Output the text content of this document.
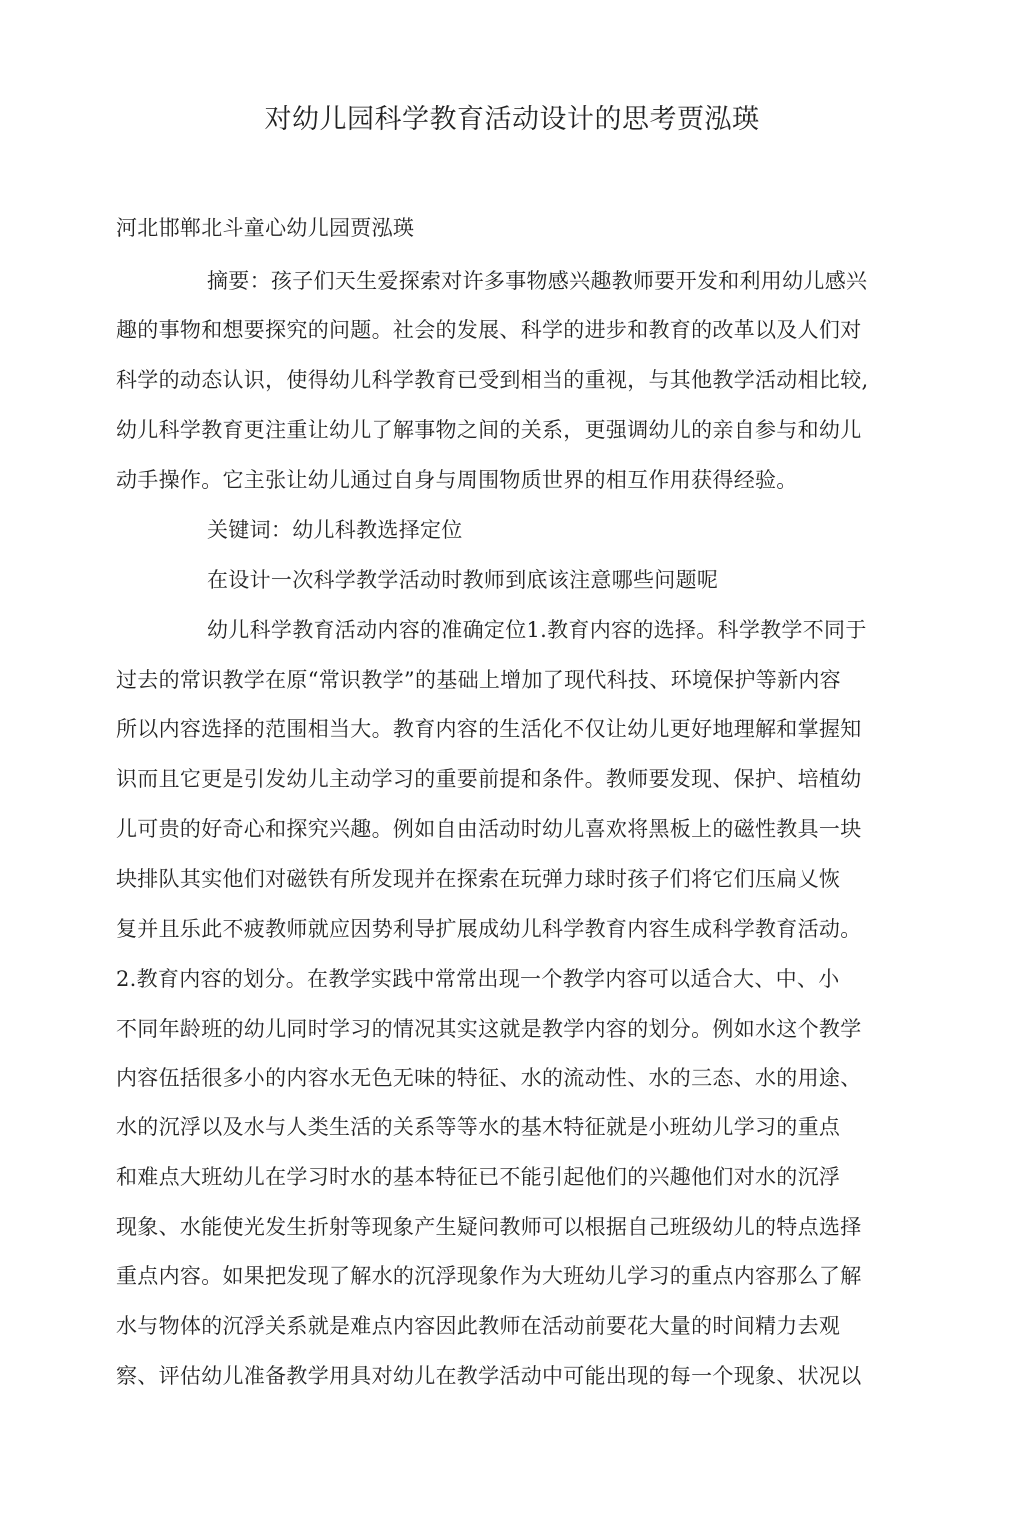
对幼儿园科学教育活动设计的思考贾泓瑛
河北邯郸北斗童心幼儿园贾泓瑛
摘要：孩子们天生爱探索对许多事物感兴趣教师要开发和利用幼儿感兴
趣的事物和想要探究的问题。社会的发展、科学的进步和教育的改革以及人们对
科学的动态认识，使得幼儿科学教育已受到相当的重视，与其他教学活动相比较,
幼儿科学教育更注重让幼儿了解事物之间的关系，更强调幼儿的亲自参与和幼儿
动手操作。它主张让幼儿通过自身与周围物质世界的相互作用获得经验。
关键词：幼儿科教选择定位
在设计一次科学教学活动时教师到底该注意哪些问题呢
幼儿科学教育活动内容的准确定位1.教育内容的选择。科学教学不同于
过去的常识教学在原“常识教学”的基础上增加了现代科技、环境保护等新内容
所以内容选择的范围相当大。教育内容的生活化不仅让幼儿更好地理解和掌握知
识而且它更是引发幼儿主动学习的重要前提和条件。教师要发现、保护、培植幼
儿可贵的好奇心和探究兴趣。例如自由活动时幼儿喜欢将黑板上的磁性教具一块
块排队其实他们对磁铁有所发现并在探索在玩弹力球时孩子们将它们压扁乂恢
复并且乐此不疲教师就应因势利导扩展成幼儿科学教育内容生成科学教育活动。
2.教育内容的划分。在教学实践中常常出现一个教学内容可以适合大、中、小
不同年龄班的幼儿同时学习的情况其实这就是教学内容的划分。例如水这个教学
内容伍括很多小的内容水无色无味的特征、水的流动性、水的三态、水的用途、
水的沉浮以及水与人类生活的关系等等水的基木特征就是小班幼儿学习的重点
和难点大班幼儿在学习时水的基本特征已不能引起他们的兴趣他们对水的沉浮
现象、水能使光发生折射等现象产生疑问教师可以根据自己班级幼儿的特点选择
重点内容。如果把发现了解水的沉浮现象作为大班幼儿学习的重点内容那么了解
水与物体的沉浮关系就是难点内容因此教师在活动前要花大量的时间精力去观
察、评估幼儿准备教学用具对幼儿在教学活动中可能出现的每一个现象、状况以
